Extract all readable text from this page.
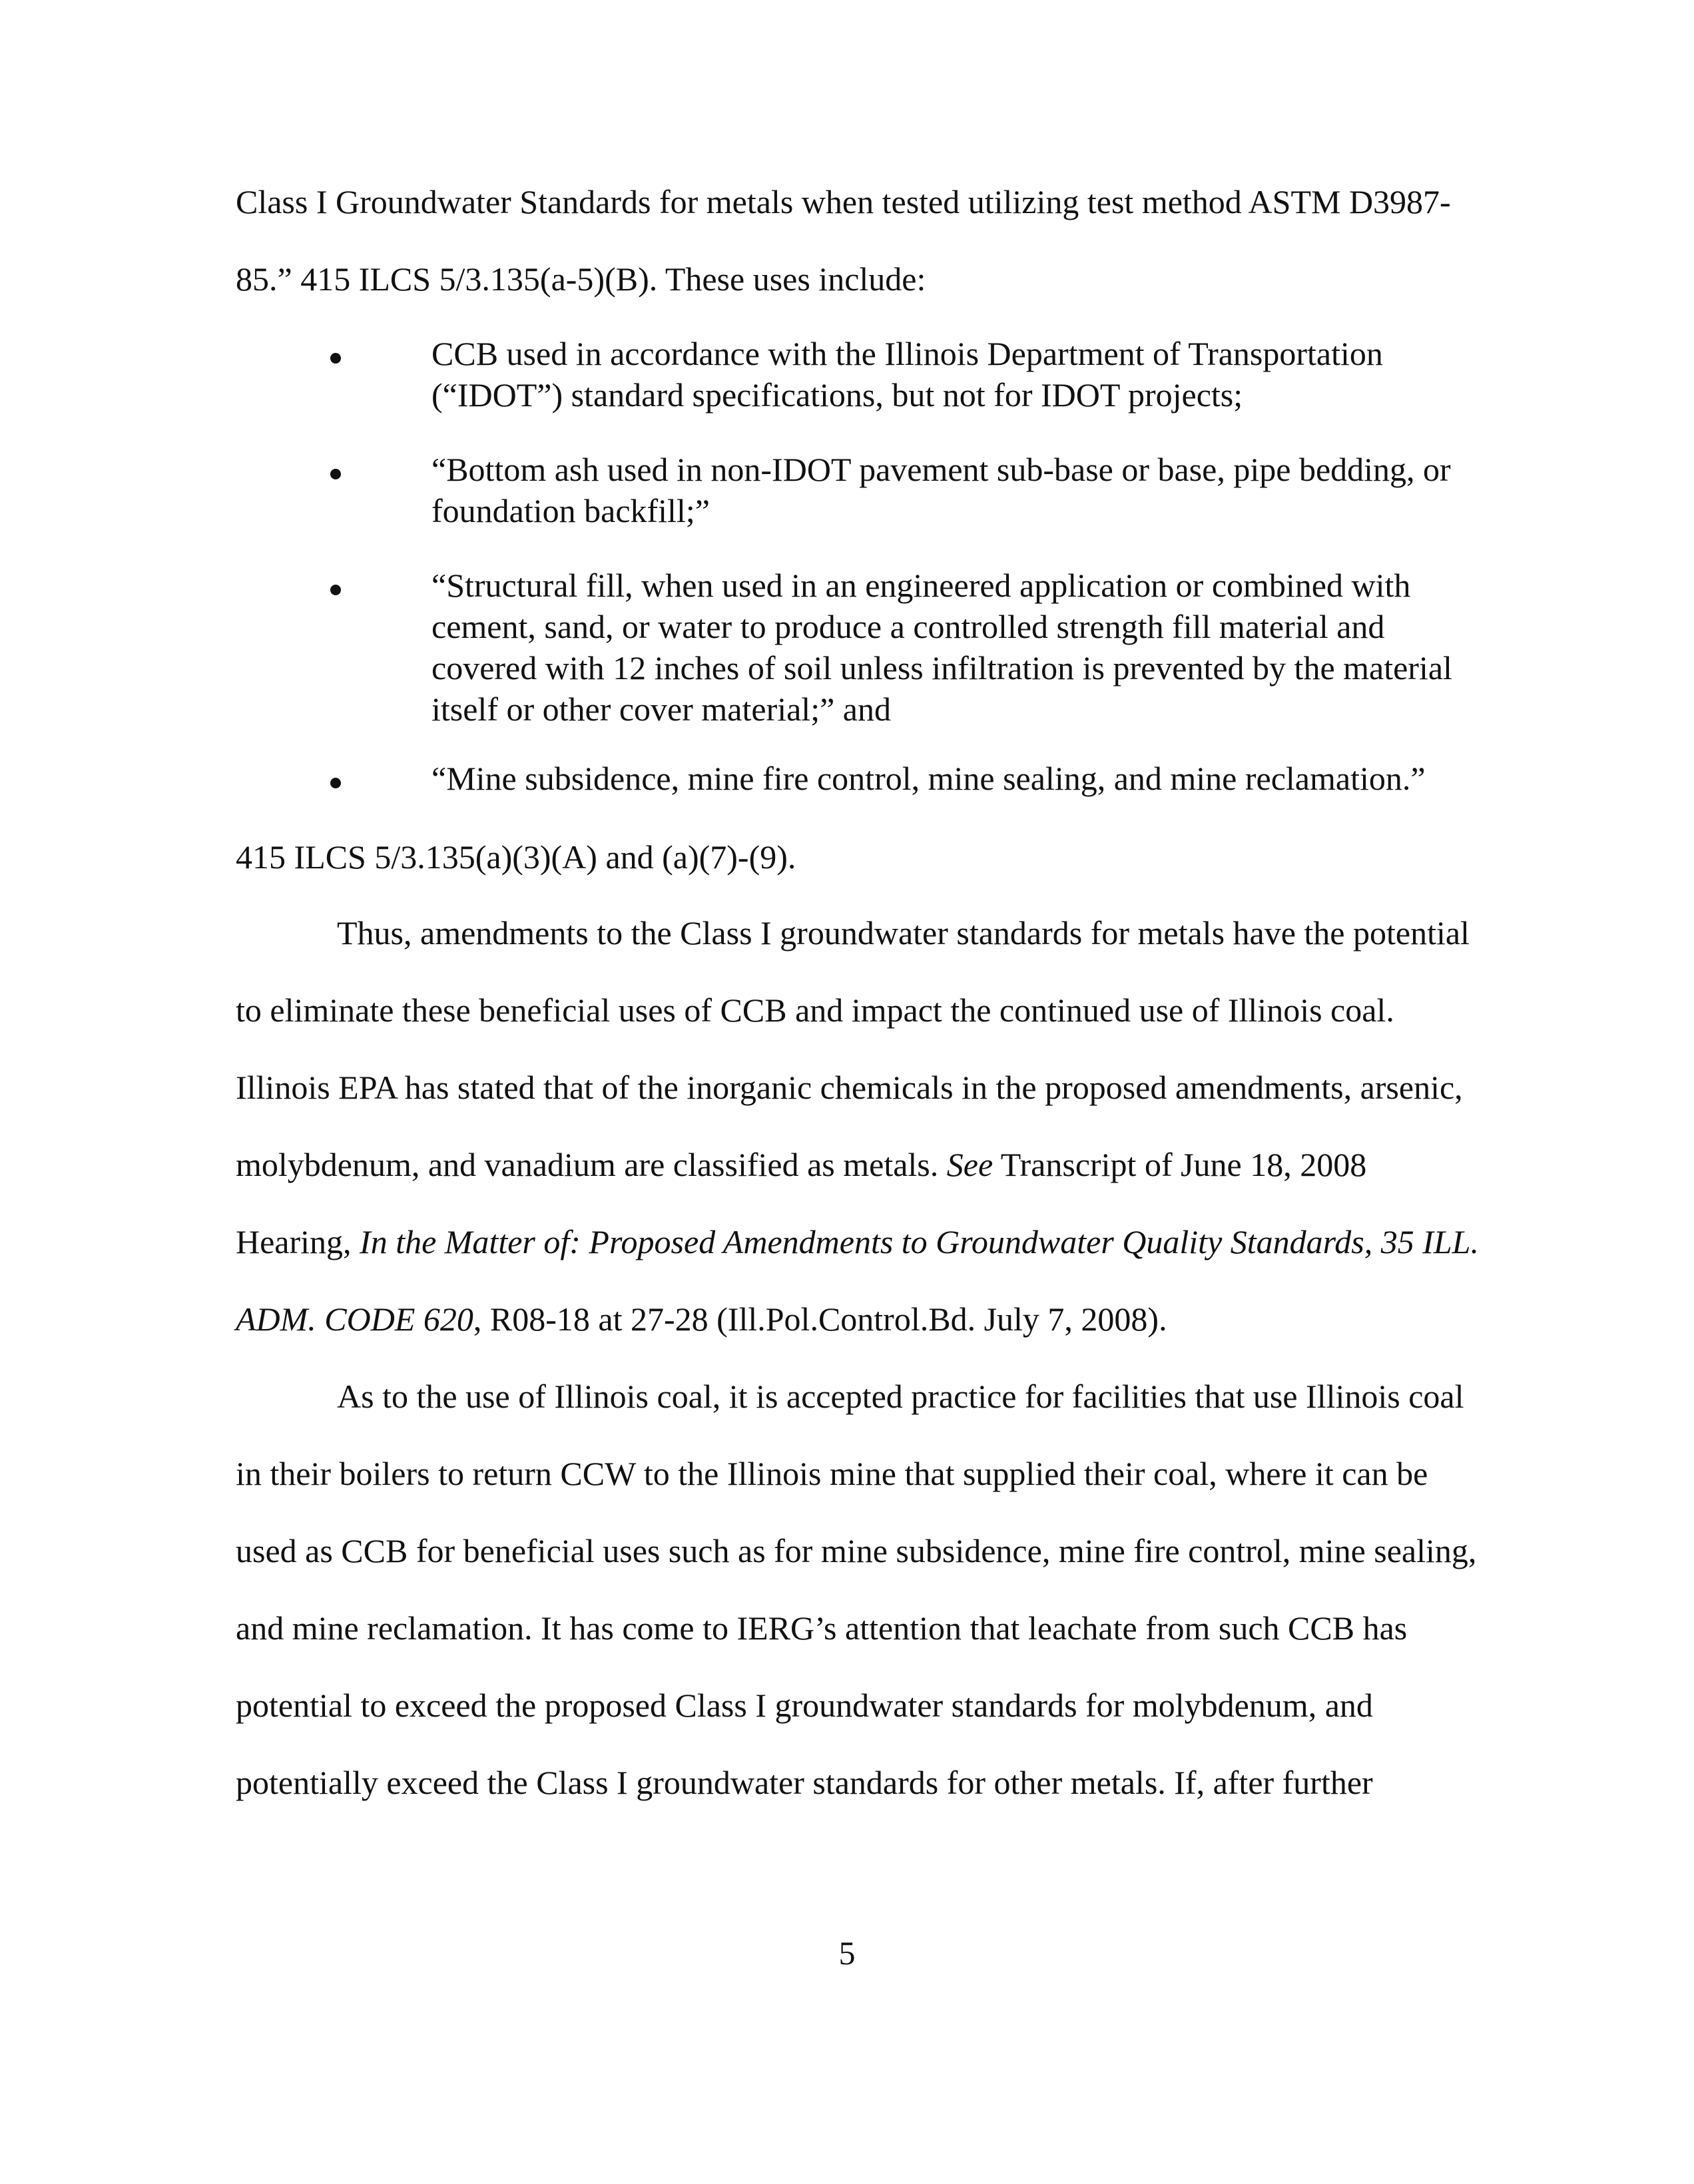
Class I Groundwater Standards for metals when tested utilizing test method ASTM D3987-
85.” 415 ILCS 5/3.135(a-5)(B). These uses include:
CCB used in accordance with the Illinois Department of Transportation
(“IDOT”) standard specifications, but not for IDOT projects;
“Bottom ash used in non-IDOT pavement sub-base or base, pipe bedding, or
foundation backfill;”
“Structural fill, when used in an engineered application or combined with
cement, sand, or water to produce a controlled strength fill material and
covered with 12 inches of soil unless infiltration is prevented by the material
itself or other cover material;” and
“Mine subsidence, mine fire control, mine sealing, and mine reclamation.”
415 ILCS 5/3.135(a)(3)(A) and (a)(7)-(9).
Thus, amendments to the Class I groundwater standards for metals have the potential
to eliminate these beneficial uses of CCB and impact the continued use of Illinois coal.
Illinois EPA has stated that of the inorganic chemicals in the proposed amendments, arsenic,
molybdenum, and vanadium are classified as metals. See Transcript of June 18, 2008
Hearing, In the Matter of: Proposed Amendments to Groundwater Quality Standards, 35 ILL.
ADM. CODE 620, R08-18 at 27-28 (Ill.Pol.Control.Bd. July 7, 2008).
As to the use of Illinois coal, it is accepted practice for facilities that use Illinois coal
in their boilers to return CCW to the Illinois mine that supplied their coal, where it can be
used as CCB for beneficial uses such as for mine subsidence, mine fire control, mine sealing,
and mine reclamation. It has come to IERG’s attention that leachate from such CCB has
potential to exceed the proposed Class I groundwater standards for molybdenum, and
potentially exceed the Class I groundwater standards for other metals. If, after further
5
